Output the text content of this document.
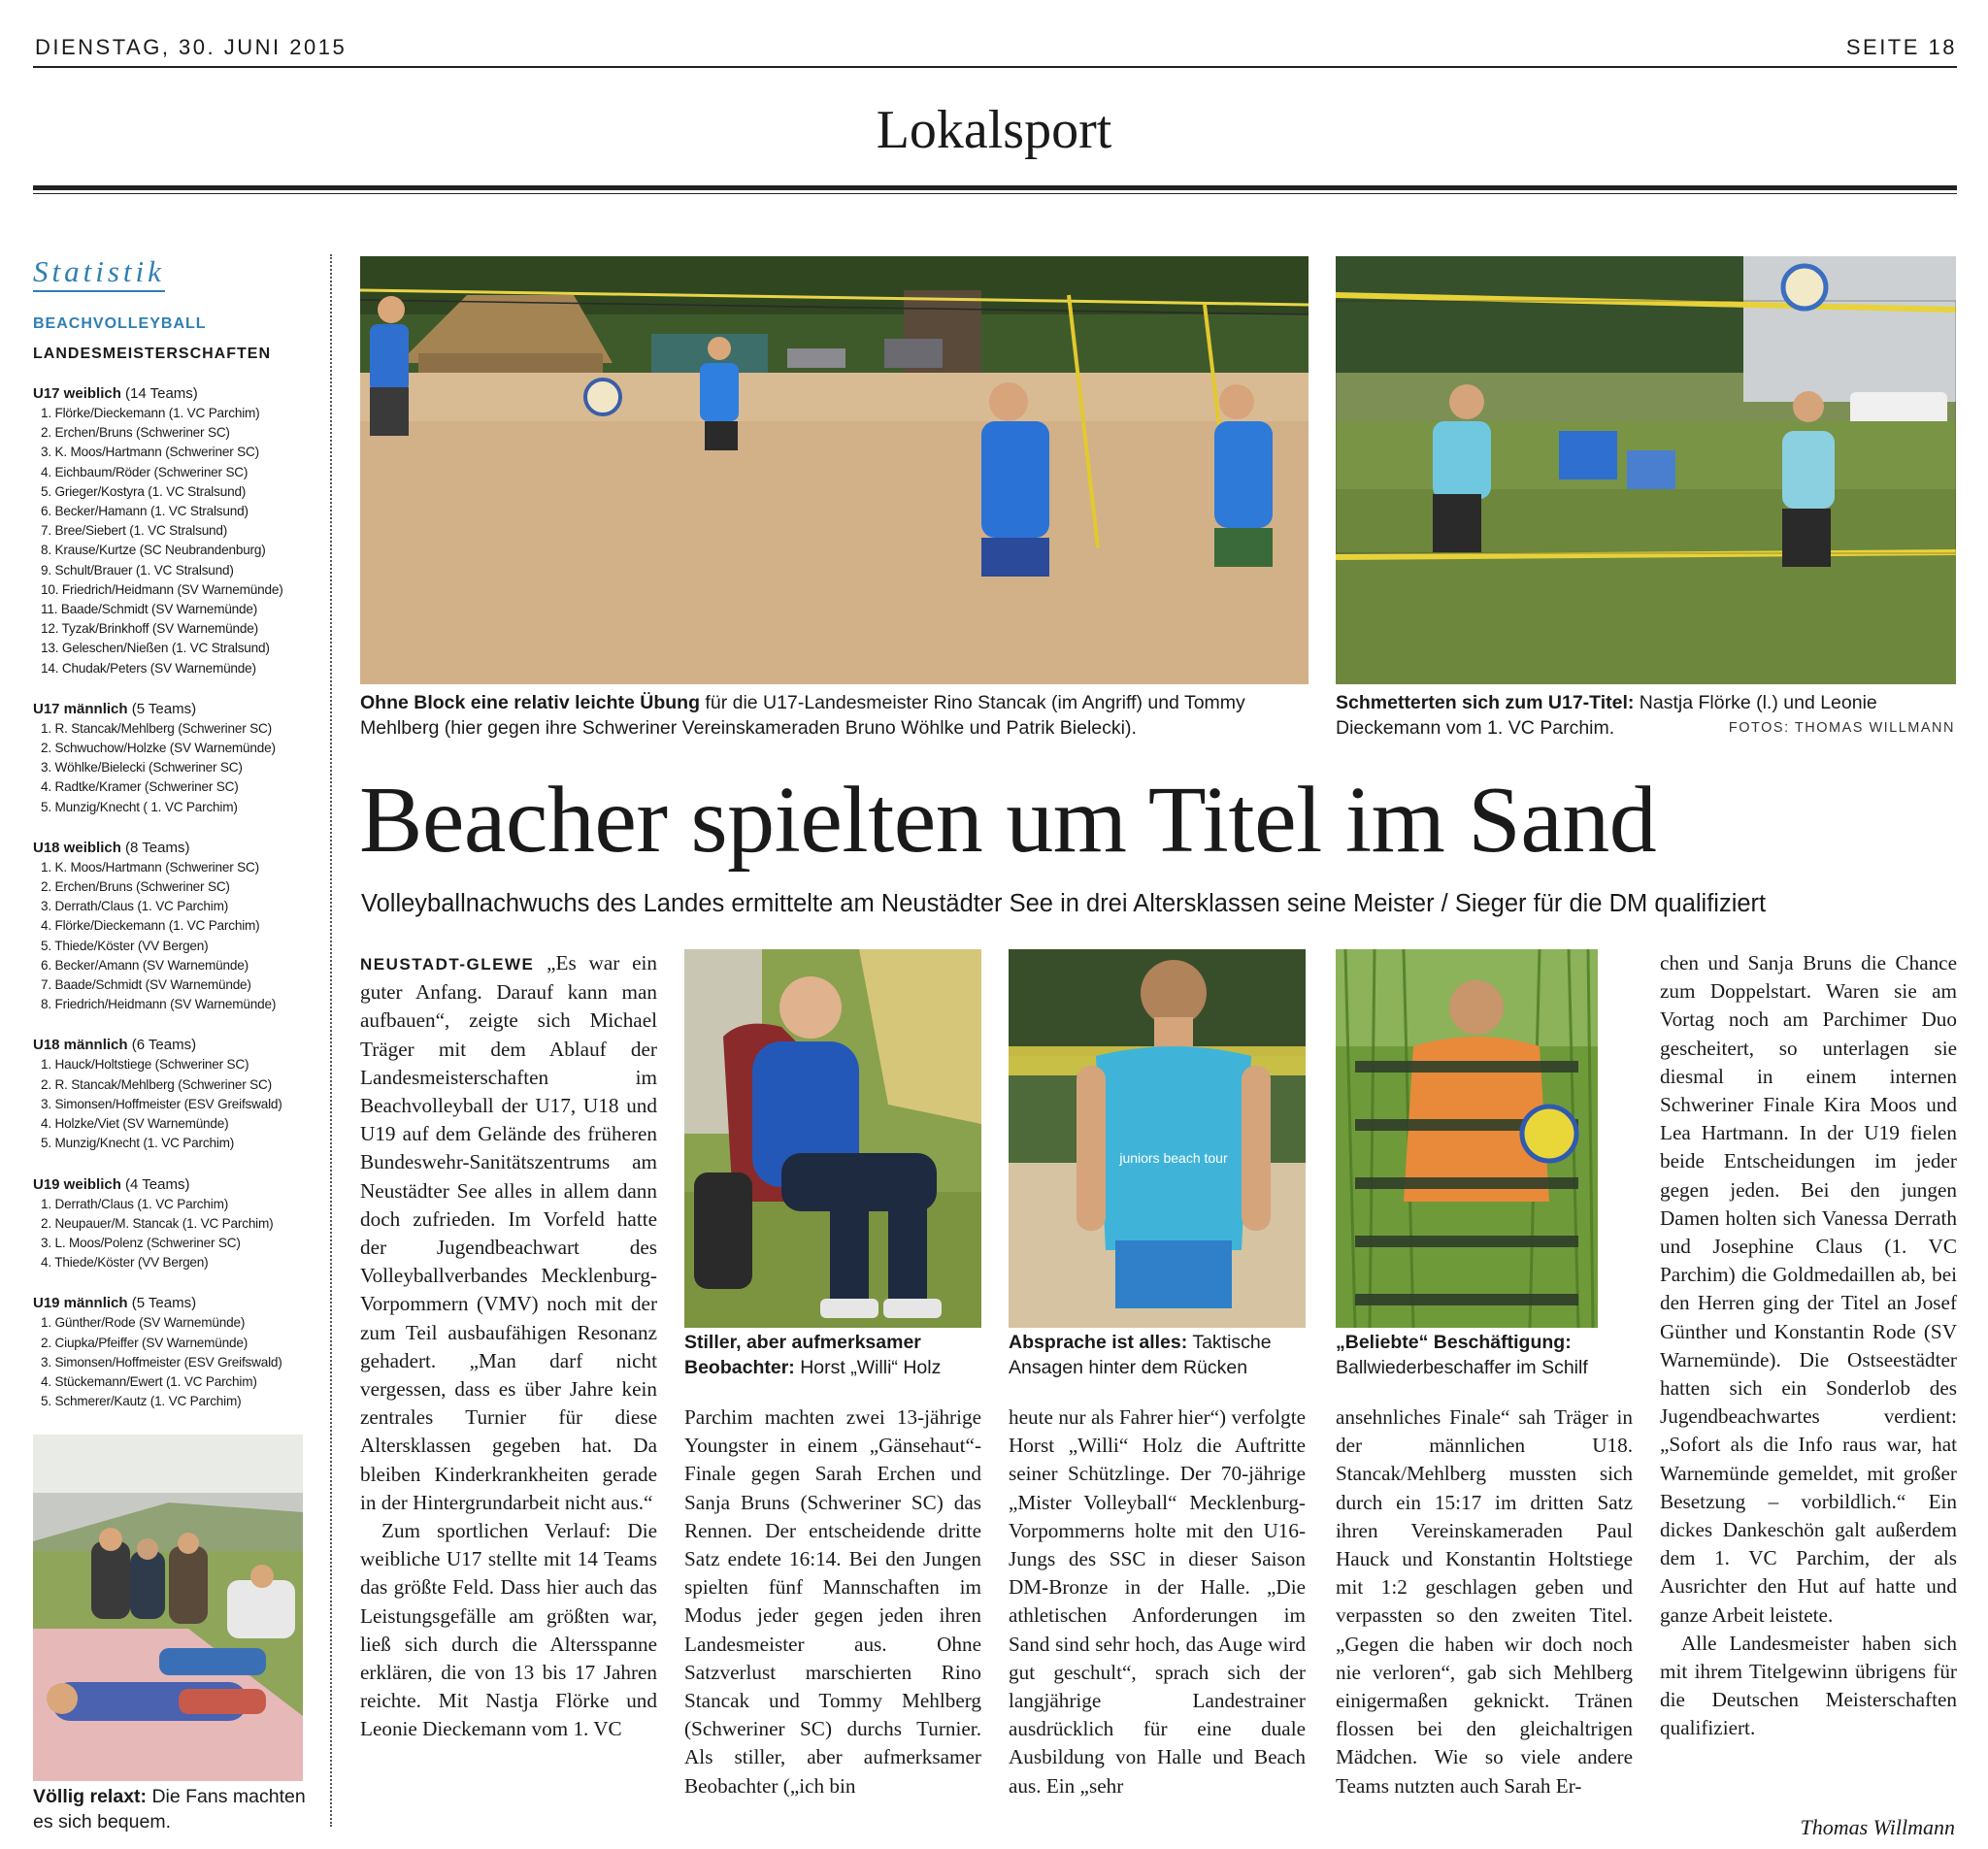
DIENSTAG, 30. JUNI 2015	SEITE 18
Lokalsport
Statistik
BEACHVOLLEYBALL
LANDESMEISTERSCHAFTEN
U17 weiblich (14 Teams)
1. Flörke/Dieckemann (1. VC Parchim)
2. Erchen/Bruns (Schweriner SC)
3. K. Moos/Hartmann (Schweriner SC)
4. Eichbaum/Röder (Schweriner SC)
5. Grieger/Kostyra (1. VC Stralsund)
6. Becker/Hamann (1. VC Stralsund)
7. Bree/Siebert (1. VC Stralsund)
8. Krause/Kurtze (SC Neubrandenburg)
9. Schult/Brauer (1. VC Stralsund)
10. Friedrich/Heidmann (SV Warnemünde)
11. Baade/Schmidt (SV Warnemünde)
12. Tyzak/Brinkhoff (SV Warnemünde)
13. Geleschen/Nießen (1. VC Stralsund)
14. Chudak/Peters (SV Warnemünde)
U17 männlich (5 Teams)
1. R. Stancak/Mehlberg (Schweriner SC)
2. Schwuchow/Holzke (SV Warnemünde)
3. Wöhlke/Bielecki (Schweriner SC)
4. Radtke/Kramer (Schweriner SC)
5. Munzig/Knecht ( 1. VC Parchim)
U18 weiblich (8 Teams)
1. K. Moos/Hartmann (Schweriner SC)
2. Erchen/Bruns (Schweriner SC)
3. Derrath/Claus (1. VC Parchim)
4. Flörke/Dieckemann (1. VC Parchim)
5. Thiede/Köster (VV Bergen)
6. Becker/Amann (SV Warnemünde)
7. Baade/Schmidt (SV Warnemünde)
8. Friedrich/Heidmann (SV Warnemünde)
U18 männlich (6 Teams)
1. Hauck/Holtstiege (Schweriner SC)
2. R. Stancak/Mehlberg (Schweriner SC)
3. Simonsen/Hoffmeister (ESV Greifswald)
4. Holzke/Viet (SV Warnemünde)
5. Munzig/Knecht (1. VC Parchim)
U19 weiblich (4 Teams)
1. Derrath/Claus (1. VC Parchim)
2. Neupauer/M. Stancak (1. VC Parchim)
3. L. Moos/Polenz (Schweriner SC)
4. Thiede/Köster (VV Bergen)
U19 männlich (5 Teams)
1. Günther/Rode (SV Warnemünde)
2. Ciupka/Pfeiffer (SV Warnemünde)
3. Simonsen/Hoffmeister (ESV Greifswald)
4. Stückemann/Ewert (1. VC Parchim)
5. Schmerer/Kautz (1. VC Parchim)
Völlig relaxt: Die Fans machten es sich bequem.
Ohne Block eine relativ leichte Übung für die U17-Landesmeister Rino Stancak (im Angriff) und Tommy Mehlberg (hier gegen ihre Schweriner Vereinskameraden Bruno Wöhlke und Patrik Bielecki).
Schmetterten sich zum U17-Titel: Nastja Flörke (l.) und Leonie Dieckemann vom 1. VC Parchim.	FOTOS: THOMAS WILLMANN
Beacher spielten um Titel im Sand
Volleyballnachwuchs des Landes ermittelte am Neustädter See in drei Altersklassen seine Meister / Sieger für die DM qualifiziert

NEUSTADT-GLEWE „Es war ein guter Anfang. Darauf kann man aufbauen“, zeigte sich Michael Träger mit dem Ablauf der Landesmeisterschaften im Beachvolleyball der U17, U18 und U19 auf dem Gelände des früheren Bundeswehr-Sanitätszentrums am Neustädter See alles in allem dann doch zufrieden. Im Vorfeld hatte der Jugendbeachwart des Volleyballverbandes Mecklenburg-Vorpommern (VMV) noch mit der zum Teil ausbaufähigen Resonanz gehadert. „Man darf nicht vergessen, dass es über Jahre kein zentrales Turnier für diese Altersklassen gegeben hat. Da bleiben Kinderkrankheiten gerade in der Hintergrundarbeit nicht aus.“

Zum sportlichen Verlauf: Die weibliche U17 stellte mit 14 Teams das größte Feld. Dass hier auch das Leistungsgefälle am größten war, ließ sich durch die Altersspanne erklären, die von 13 bis 17 Jahren reichte. Mit Nastja Flörke und Leonie Dieckemann vom 1. VC

Stiller, aber aufmerksamer Beobachter: Horst „Willi“ Holz

Parchim machten zwei 13-jährige Youngster in einem „Gänsehaut“-Finale gegen Sarah Erchen und Sanja Bruns (Schweriner SC) das Rennen. Der entscheidende dritte Satz endete 16:14. Bei den Jungen spielten fünf Mannschaften im Modus jeder gegen jeden ihren Landesmeister aus. Ohne Satzverlust marschierten Rino Stancak und Tommy Mehlberg (Schweriner SC) durchs Turnier. Als stiller, aber aufmerksamer Beobachter („ich bin

juniors beach tour
Absprache ist alles: Taktische Ansagen hinter dem Rücken

heute nur als Fahrer hier“) verfolgte Horst „Willi“ Holz die Auftritte seiner Schützlinge. Der 70-jährige „Mister Volleyball“ Mecklenburg-Vorpommerns holte mit den U16-Jungs des SSC in dieser Saison DM-Bronze in der Halle. „Die athletischen Anforderungen im Sand sind sehr hoch, das Auge wird gut geschult“, sprach sich der langjährige Landestrainer ausdrücklich für eine duale Ausbildung von Halle und Beach aus. Ein „sehr

„Beliebte“ Beschäftigung: Ballwiederbeschaffer im Schilf

ansehnliches Finale“ sah Träger in der männlichen U18. Stancak/Mehlberg mussten sich durch ein 15:17 im dritten Satz ihren Vereinskameraden Paul Hauck und Konstantin Holtstiege mit 1:2 geschlagen geben und verpassten so den zweiten Titel. „Gegen die haben wir doch noch nie verloren“, gab sich Mehlberg einigermaßen geknickt. Tränen flossen bei den gleichaltrigen Mädchen. Wie so viele andere Teams nutzten auch Sarah Er-

chen und Sanja Bruns die Chance zum Doppelstart. Waren sie am Vortag noch am Parchimer Duo gescheitert, so unterlagen sie diesmal in einem internen Schweriner Finale Kira Moos und Lea Hartmann. In der U19 fielen beide Entscheidungen im jeder gegen jeden. Bei den jungen Damen holten sich Vanessa Derrath und Josephine Claus (1. VC Parchim) die Goldmedaillen ab, bei den Herren ging der Titel an Josef Günther und Konstantin Rode (SV Warnemünde). Die Ostseestädter hatten sich ein Sonderlob des Jugendbeachwartes verdient: „Sofort als die Info raus war, hat Warnemünde gemeldet, mit großer Besetzung – vorbildlich.“ Ein dickes Dankeschön galt außerdem dem 1. VC Parchim, der als Ausrichter den Hut auf hatte und ganze Arbeit leistete.

Alle Landesmeister haben sich mit ihrem Titelgewinn übrigens für die Deutschen Meisterschaften qualifiziert.

Thomas Willmann
